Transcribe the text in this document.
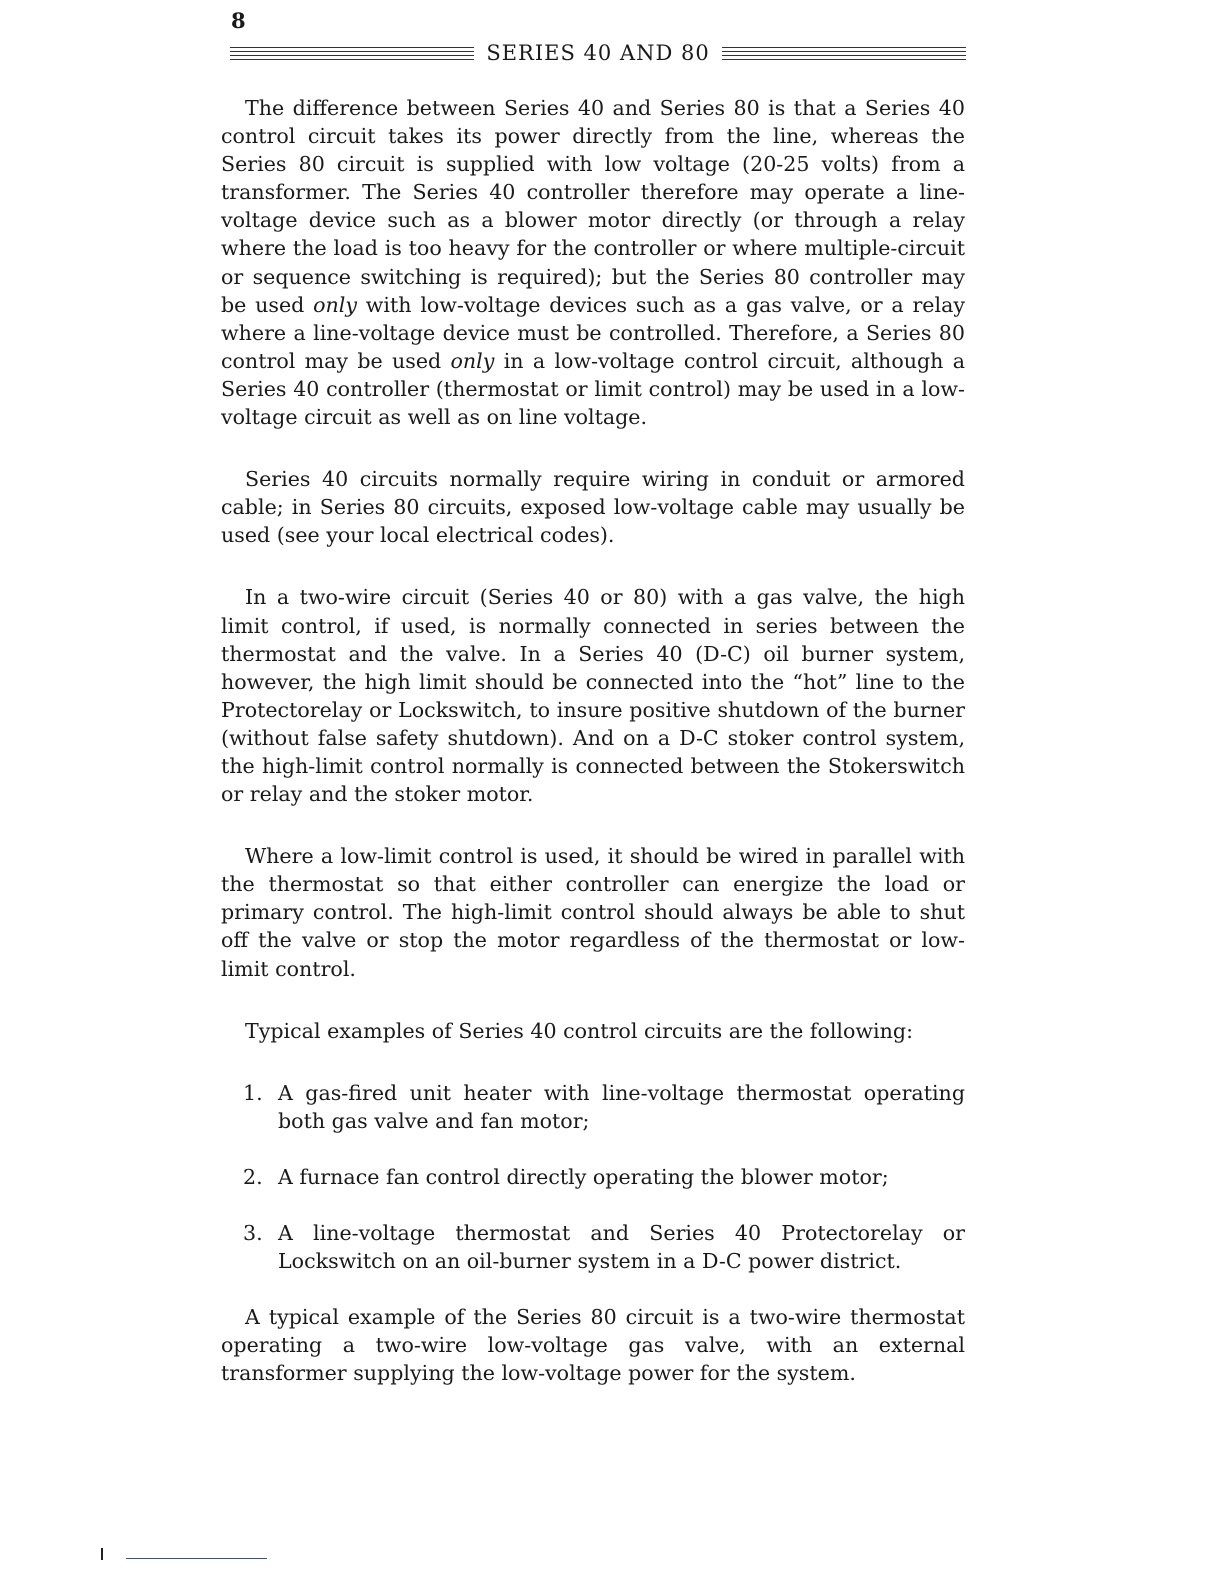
8
SERIES 40 AND 80

The difference between Series 40 and Series 80 is that a Series 40 control circuit takes its power directly from the line, whereas the Series 80 circuit is supplied with low voltage (20-25 volts) from a transformer. The Series 40 controller therefore may operate a line-voltage device such as a blower motor directly (or through a relay where the load is too heavy for the controller or where multiple-circuit or sequence switching is required); but the Series 80 controller may be used only with low-voltage devices such as a gas valve, or a relay where a line-voltage device must be controlled. Therefore, a Series 80 control may be used only in a low-voltage control circuit, although a Series 40 controller (thermostat or limit control) may be used in a low-voltage circuit as well as on line voltage.

Series 40 circuits normally require wiring in conduit or armored cable; in Series 80 circuits, exposed low-voltage cable may usually be used (see your local electrical codes).

In a two-wire circuit (Series 40 or 80) with a gas valve, the high limit control, if used, is normally connected in series between the thermostat and the valve. In a Series 40 (D-C) oil burner system, however, the high limit should be connected into the “hot” line to the Protectorelay or Lockswitch, to insure positive shutdown of the burner (without false safety shutdown). And on a D-C stoker control system, the high-limit control normally is connected between the Stokerswitch or relay and the stoker motor.

Where a low-limit control is used, it should be wired in parallel with the thermostat so that either controller can energize the load or primary control. The high-limit control should always be able to shut off the valve or stop the motor regardless of the thermostat or low-limit control.

Typical examples of Series 40 control circuits are the following:

1. A gas-fired unit heater with line-voltage thermostat operating both gas valve and fan motor;
2. A furnace fan control directly operating the blower motor;
3. A line-voltage thermostat and Series 40 Protectorelay or Lockswitch on an oil-burner system in a D-C power district.

A typical example of the Series 80 circuit is a two-wire thermostat operating a two-wire low-voltage gas valve, with an external transformer supplying the low-voltage power for the system.
